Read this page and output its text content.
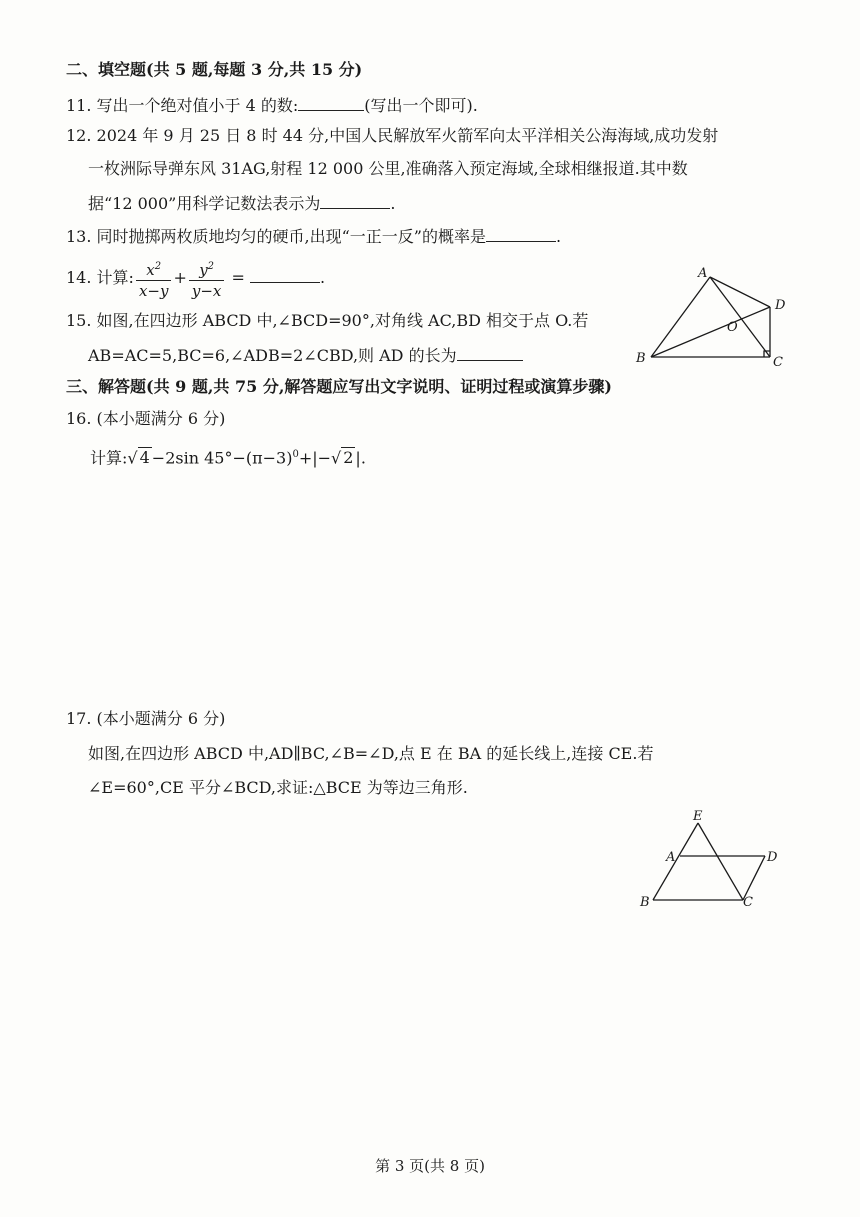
二、填空题(共 5 题,每题 3 分,共 15 分)
11. 写出一个绝对值小于 4 的数:	(写出一个即可).
12. 2024 年 9 月 25 日 8 时 44 分,中国人民解放军火箭军向太平洋相关公海海域,成功发射
一枚洲际导弹东风 31AG,射程 12 000 公里,准确落入预定海域,全球相继报道.其中数
据“12 000”用科学记数法表示为	.
13. 同时抛掷两枚质地均匀的硬币,出现“一正一反”的概率是	.
14. 计算: $\frac{x^2}{x-y} + \frac{y^2}{y-x}$ =	.
15. 如图,在四边形 ABCD 中,∠BCD=90°,对角线 AC,BD 相交于点 O.若
AB=AC=5,BC=6,∠ADB=2∠CBD,则 AD 的长为
A
D
O
B	C
三、解答题(共 9 题,共 75 分,解答题应写出文字说明、证明过程或演算步骤)
16. (本小题满分 6 分)
计算:√ 4 −2sin $45^\circ-(\pi-3)^0+|-√$ 2 |.
17. (本小题满分 6 分)
如图,在四边形 ABCD 中,AD∥BC,∠B=∠D,点 E 在 BA 的延长线上,连接 CE.若
∠E=60°,CE 平分∠BCD,求证:△BCE 为等边三角形.
E
A	D
B	C
第 3 页(共 8 页)
